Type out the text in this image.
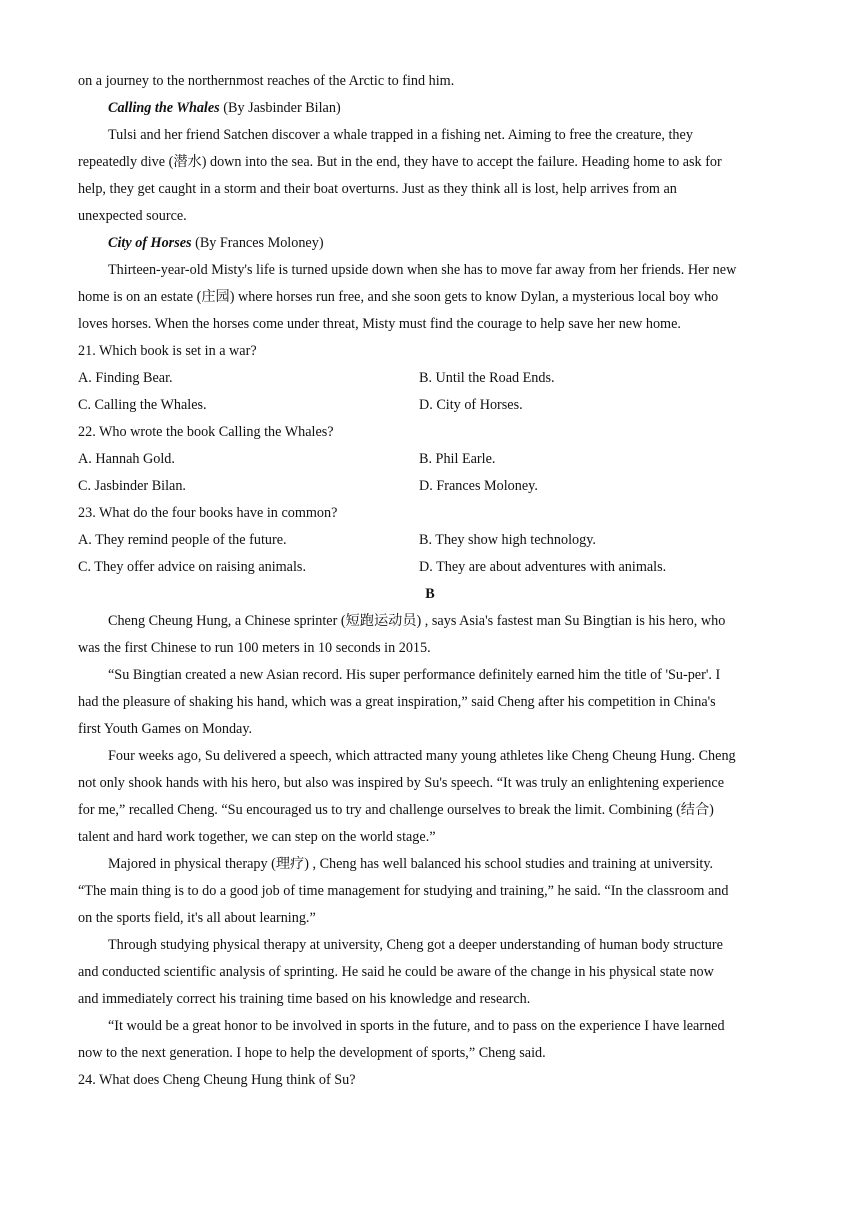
on a journey to the northernmost reaches of the Arctic to find him.
Calling the Whales (By Jasbinder Bilan)
Tulsi and her friend Satchen discover a whale trapped in a fishing net. Aiming to free the creature, they
repeatedly dive (潜水) down into the sea. But in the end, they have to accept the failure. Heading home to ask for
help, they get caught in a storm and their boat overturns. Just as they think all is lost, help arrives from an
unexpected source.
City of Horses (By Frances Moloney)
Thirteen-year-old Misty's life is turned upside down when she has to move far away from her friends. Her new
home is on an estate (庄园) where horses run free, and she soon gets to know Dylan, a mysterious local boy who
loves horses. When the horses come under threat, Misty must find the courage to help save her new home.
21. Which book is set in a war?
A. Finding Bear.	B. Until the Road Ends.
C. Calling the Whales.	D. City of Horses.
22. Who wrote the book Calling the Whales?
A. Hannah Gold.	B. Phil Earle.
C. Jasbinder Bilan.	D. Frances Moloney.
23. What do the four books have in common?
A. They remind people of the future.	B. They show high technology.
C. They offer advice on raising animals.	D. They are about adventures with animals.
B
Cheng Cheung Hung, a Chinese sprinter (短跑运动员) , says Asia's fastest man Su Bingtian is his hero, who
was the first Chinese to run 100 meters in 10 seconds in 2015.
“Su Bingtian created a new Asian record. His super performance definitely earned him the title of 'Su-per'. I
had the pleasure of shaking his hand, which was a great inspiration,” said Cheng after his competition in China's
first Youth Games on Monday.
Four weeks ago, Su delivered a speech, which attracted many young athletes like Cheng Cheung Hung. Cheng
not only shook hands with his hero, but also was inspired by Su's speech. “It was truly an enlightening experience
for me,” recalled Cheng. “Su encouraged us to try and challenge ourselves to break the limit. Combining (结合)
talent and hard work together, we can step on the world stage.”
Majored in physical therapy (理疗) , Cheng has well balanced his school studies and training at university.
“The main thing is to do a good job of time management for studying and training,” he said. “In the classroom and
on the sports field, it's all about learning.”
Through studying physical therapy at university, Cheng got a deeper understanding of human body structure
and conducted scientific analysis of sprinting. He said he could be aware of the change in his physical state now
and immediately correct his training time based on his knowledge and research.
“It would be a great honor to be involved in sports in the future, and to pass on the experience I have learned
now to the next generation. I hope to help the development of sports,” Cheng said.
24. What does Cheng Cheung Hung think of Su?
